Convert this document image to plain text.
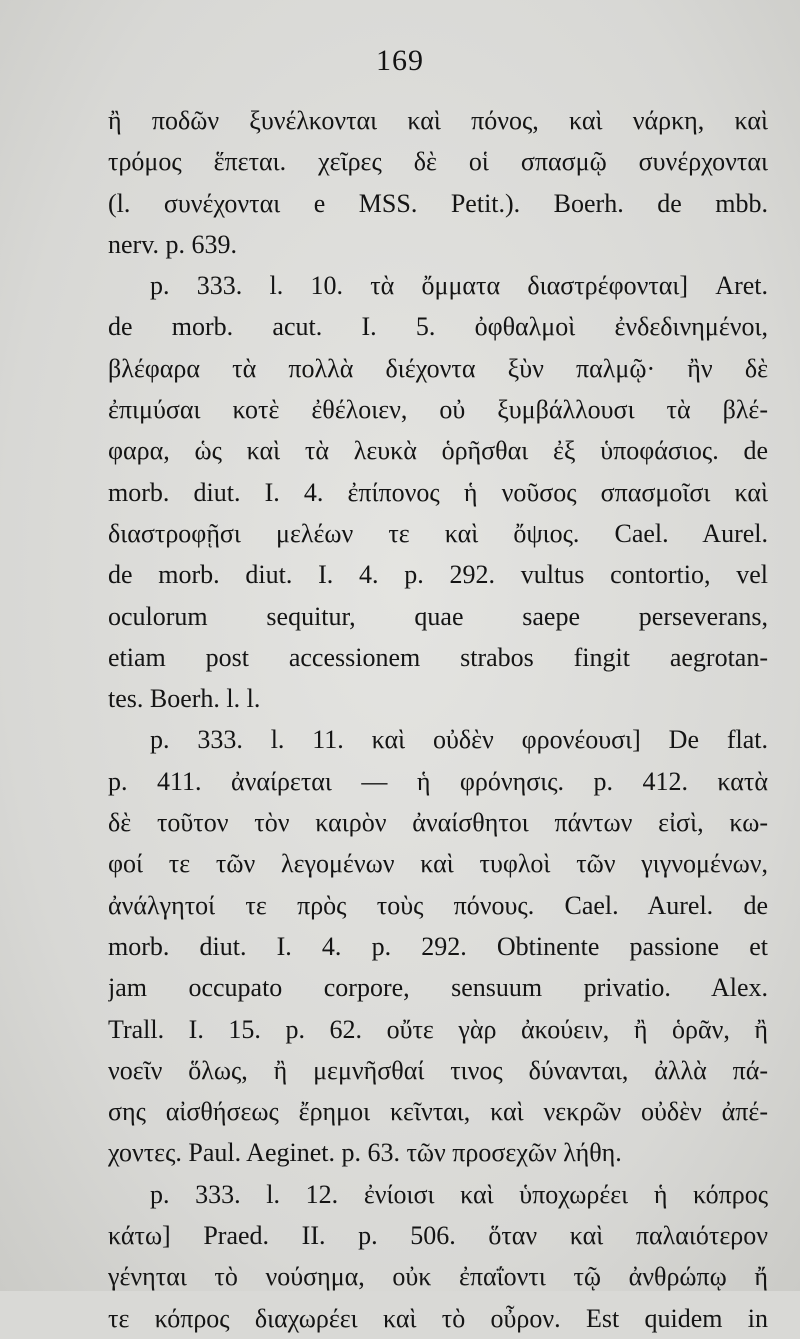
169
ἢ ποδῶν ξυνέλκονται καὶ πόνος, καὶ νάρκη, καὶ
τρόμος ἕπεται. χεῖρες δὲ οἱ σπασμῷ συνέρχονται
(l. συνέχονται e MSS. Petit.). Boerh. de mbb.
nerv. p. 639.
p. 333. l. 10. τὰ ὄμματα διαστρέφονται] Aret.
de morb. acut. I. 5. ὀφθαλμοὶ ἐνδεδινημένοι,
βλέφαρα τὰ πολλὰ διέχοντα ξὺν παλμῷ· ἢν δὲ
ἐπιμύσαι κοτὲ ἐθέλοιεν, οὐ ξυμβάλλουσι τὰ βλέ-
φαρα, ὡς καὶ τὰ λευκὰ ὁρῆσθαι ἐξ ὑποφάσιος. de
morb. diut. I. 4. ἐπίπονος ἡ νοῦσος σπασμοῖσι καὶ
διαστροφῇσι μελέων τε καὶ ὄψιος. Cael. Aurel.
de morb. diut. I. 4. p. 292. vultus contortio, vel
oculorum sequitur, quae saepe perseverans,
etiam post accessionem strabos fingit aegrotan-
tes. Boerh. l. l.
p. 333. l. 11. καὶ οὐδὲν φρονέουσι] De flat.
p. 411. ἀναίρεται — ἡ φρόνησις. p. 412. κατὰ
δὲ τοῦτον τὸν καιρὸν ἀναίσθητοι πάντων εἰσὶ, κω-
φοί τε τῶν λεγομένων καὶ τυφλοὶ τῶν γιγνομένων,
ἀνάλγητοί τε πρὸς τοὺς πόνους. Cael. Aurel. de
morb. diut. I. 4. p. 292. Obtinente passione et
jam occupato corpore, sensuum privatio. Alex.
Trall. I. 15. p. 62. οὔτε γὰρ ἀκούειν, ἢ ὁρᾶν, ἢ
νοεῖν ὅλως, ἢ μεμνῆσθαί τινος δύνανται, ἀλλὰ πά-
σης αἰσθήσεως ἔρημοι κεῖνται, καὶ νεκρῶν οὐδὲν ἀπέ-
χοντες. Paul. Aeginet. p. 63. τῶν προσεχῶν λήθη.
p. 333. l. 12. ἐνίοισι καὶ ὑποχωρέει ἡ κόπρος
κάτω] Praed. II. p. 506. ὅταν καὶ παλαιότερον
γένηται τὸ νούσημα, οὐκ ἐπαΐοντι τῷ ἀνθρώπῳ ἤ
τε κόπρος διαχωρέει καὶ τὸ οὖρον. Est quidem in
